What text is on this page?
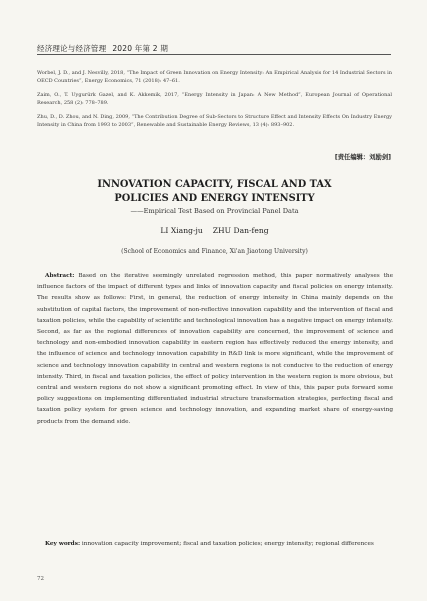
经济理论与经济管理 2020 年第 2 期

Worbel, J. D., and J. Nesvilly, 2018, “The Impact of Green Innovation on Energy Intensity: An Empirical Analysis for 14 Industrial Sectors in OECD Countries”, Energy Economics, 71 (2018): 47–61.

Zaim, O., T. Uygurürk Gazel, and K. Akkemik, 2017, “Energy Intensity in Japan: A New Method”, European Journal of Operational Research, 258 (2): 778–789.

Zhu, D., D. Zhou, and N. Ding, 2009, “The Contribution Degree of Sub-Sectors to Structure Effect and Intensity Effects On Industry Energy Intensity in China from 1993 to 2003”, Renewable and Sustainable Energy Reviews, 13 (4): 893–902.

[责任编辑：刘励剑]
INNOVATION CAPACITY, FISCAL AND TAX
POLICIES AND ENERGY INTENSITY
——Empirical Test Based on Provincial Panel Data
LI Xiang-ju ZHU Dan-feng
(School of Economics and Finance, Xi'an Jiaotong University)

Abstract: Based on the iterative seemingly unrelated regression method, this paper normatively analyses the influence factors of the impact of different types and links of innovation capacity and fiscal policies on energy intensity. The results show as follows: First, in general, the reduction of energy intensity in China mainly depends on the substitution of capital factors, the improvement of non-reflective innovation capability and the intervention of fiscal and taxation policies, while the capability of scientific and technological innovation has a negative impact on energy intensity. Second, as far as the regional differences of innovation capability are concerned, the improvement of science and technology and non-embodied innovation capability in eastern region has effectively reduced the energy intensity, and the influence of science and technology innovation capability in R&D link is more significant, while the improvement of science and technology innovation capability in central and western regions is not conducive to the reduction of energy intensity. Third, in fiscal and taxation policies, the effect of policy intervention in the western region is more obvious, but central and western regions do not show a significant promoting effect. In view of this, this paper puts forward some policy suggestions on implementing differentiated industrial structure transformation strategies, perfecting fiscal and taxation policy system for green science and technology innovation, and expanding market share of energy-saving products from the demand side.

Key words: innovation capacity improvement; fiscal and taxation policies; energy intensity; regional differences

72
